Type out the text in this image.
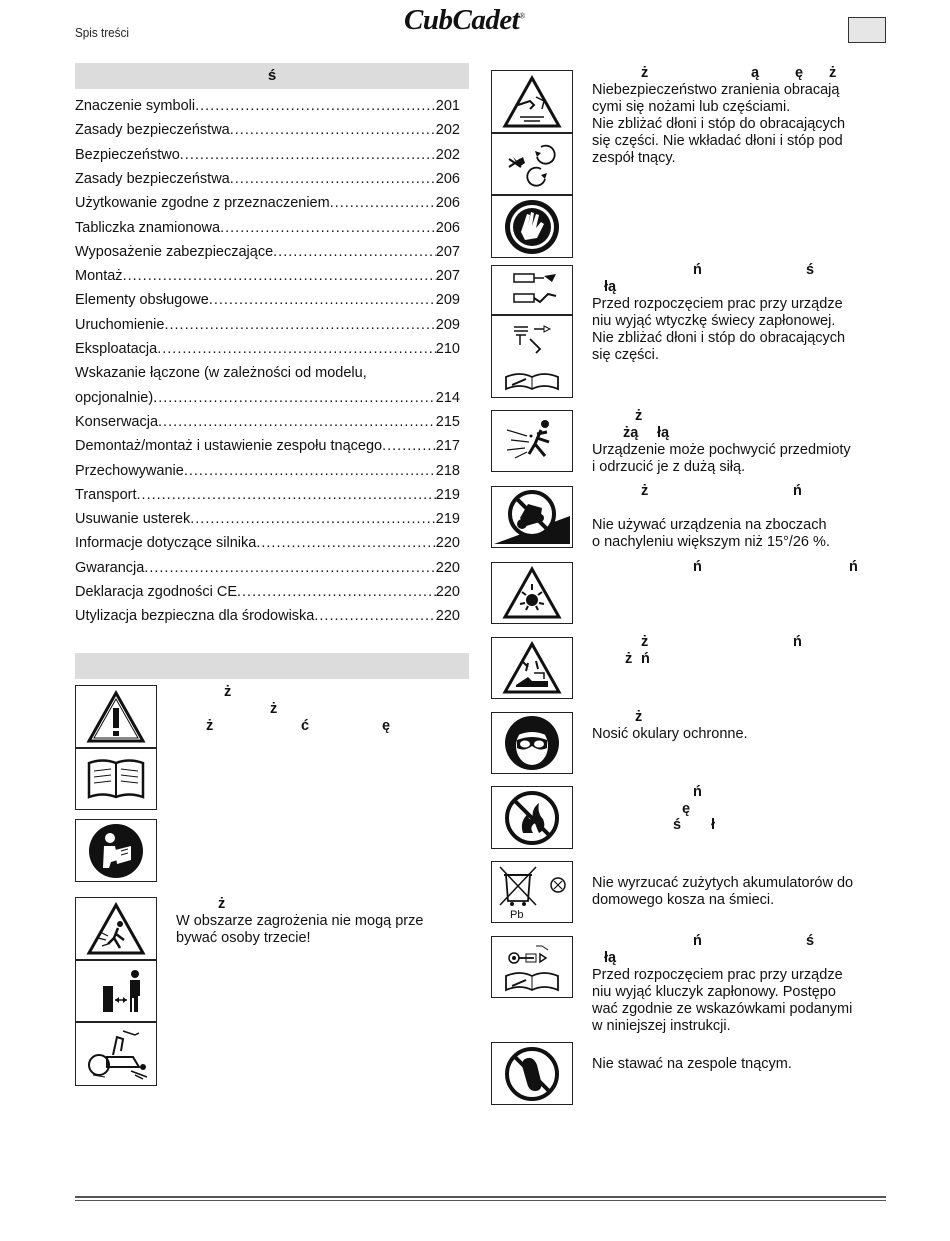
Spis treści	CubCadet®
ś
Znaczenie symboli .....	201
Zasady bezpieczeństwa .....	202
Bezpieczeństwo .....	202
Zasady bezpieczeństwa .....	206
Użytkowanie zgodne z przeznaczeniem .....	206
Tabliczka znamionowa .....	206
Wyposażenie zabezpieczające .....	207
Montaż .....	207
Elementy obsługowe .....	209
Uruchomienie .....	209
Eksploatacja .....	210
Wskazanie łączone (w zależności od modelu,
opcjonalnie) .....	214
Konserwacja .....	215
Demontaż/montaż i ustawienie zespołu tnącego .....	217
Przechowywanie .....	218
Transport .....	219
Usuwanie usterek .....	219
Informacje dotyczące silnika .....	220
Gwarancja .....	220
Deklaracja zgodności CE .....	220
Utylizacja bezpieczna dla środowiska .....	220
ż
ż
ż	ć	ę
ż
W obszarze zagrożenia nie mogą prze
bywać osoby trzecie!
Pb
ż	ą ę ż
Niebezpieczeństwo zranienia obracają
cymi się nożami lub częściami.
Nie zbliżać dłoni i stóp do obracających
się części. Nie wkładać dłoni i stóp pod
zespół tnący.
ń	ś
łą
Przed rozpoczęciem prac przy urządze
niu wyjąć wtyczkę świecy zapłonowej.
Nie zbliżać dłoni i stóp do obracających
się części.
ż
żą łą
Urządzenie może pochwycić przedmioty
i odrzucić je z dużą siłą.
ż	ń
Nie używać urządzenia na zboczach
o nachyleniu większym niż 15°/26 %.
ń	ń
ż	ń
ż ń
ż
Nosić okulary ochronne.
ń
ę
ś ł
Nie wyrzucać zużytych akumulatorów do
domowego kosza na śmieci.
ń	ś
łą
Przed rozpoczęciem prac przy urządze
niu wyjąć kluczyk zapłonowy. Postępo
wać zgodnie ze wskazówkami podanymi
w niniejszej instrukcji.
Nie stawać na zespole tnącym.
